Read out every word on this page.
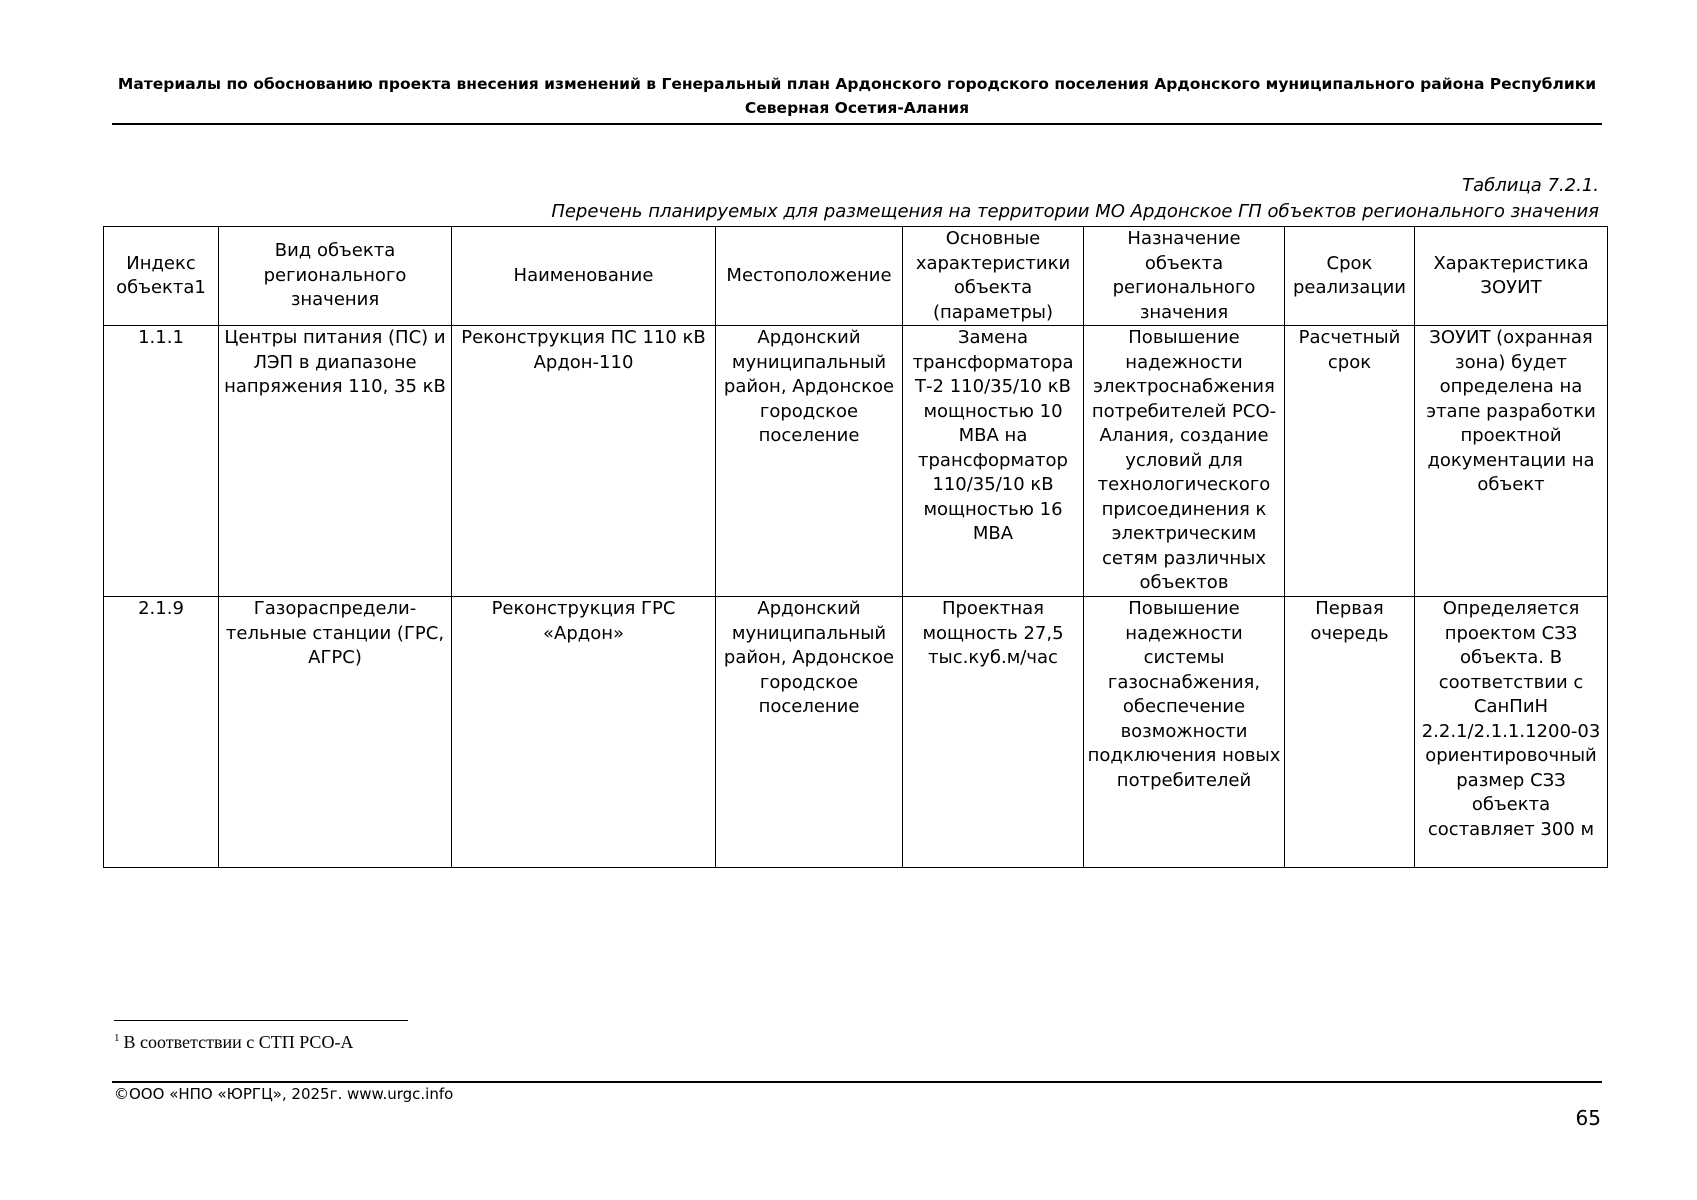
Материалы по обоснованию проекта внесения изменений в Генеральный план Ардонского городского поселения Ардонского муниципального района Республики
Северная Осетия-Алания
Таблица 7.2.1.
Перечень планируемых для размещения на территории МО Ардонское ГП объектов регионального значения
Индекс объекта1	Вид объекта регионального значения	Наименование	Местоположение	Основные характеристики объекта (параметры)	Назначение объекта регионального значения	Срок реализации	Характеристика ЗОУИТ
1.1.1	Центры питания (ПС) и ЛЭП в диапазоне напряжения 110, 35 кВ	Реконструкция ПС 110 кВ Ардон-110	Ардонский муниципальный район, Ардонское городское поселение	Замена трансформатора Т-2 110/35/10 кВ мощностью 10 МВА на трансформатор 110/35/10 кВ мощностью 16 МВА	Повышение надежности электроснабжения потребителей РСО-Алания, создание условий для технологического присоединения к электрическим сетям различных объектов	Расчетный срок	ЗОУИТ (охранная зона) будет определена на этапе разработки проектной документации на объект
2.1.9	Газораспредели-тельные станции (ГРС, АГРС)	Реконструкция ГРС «Ардон»	Ардонский муниципальный район, Ардонское городское поселение	Проектная мощность 27,5 тыс.куб.м/час	Повышение надежности системы газоснабжения, обеспечение возможности подключения новых потребителей	Первая очередь	Определяется проектом СЗЗ объекта. В соответствии с СанПиН 2.2.1/2.1.1.1200-03 ориентировочный размер СЗЗ объекта составляет 300 м
$^1$ В соответствии с СТП РСО-А
©ООО «НПО «ЮРГЦ», 2025г. www.urgc.info
65
